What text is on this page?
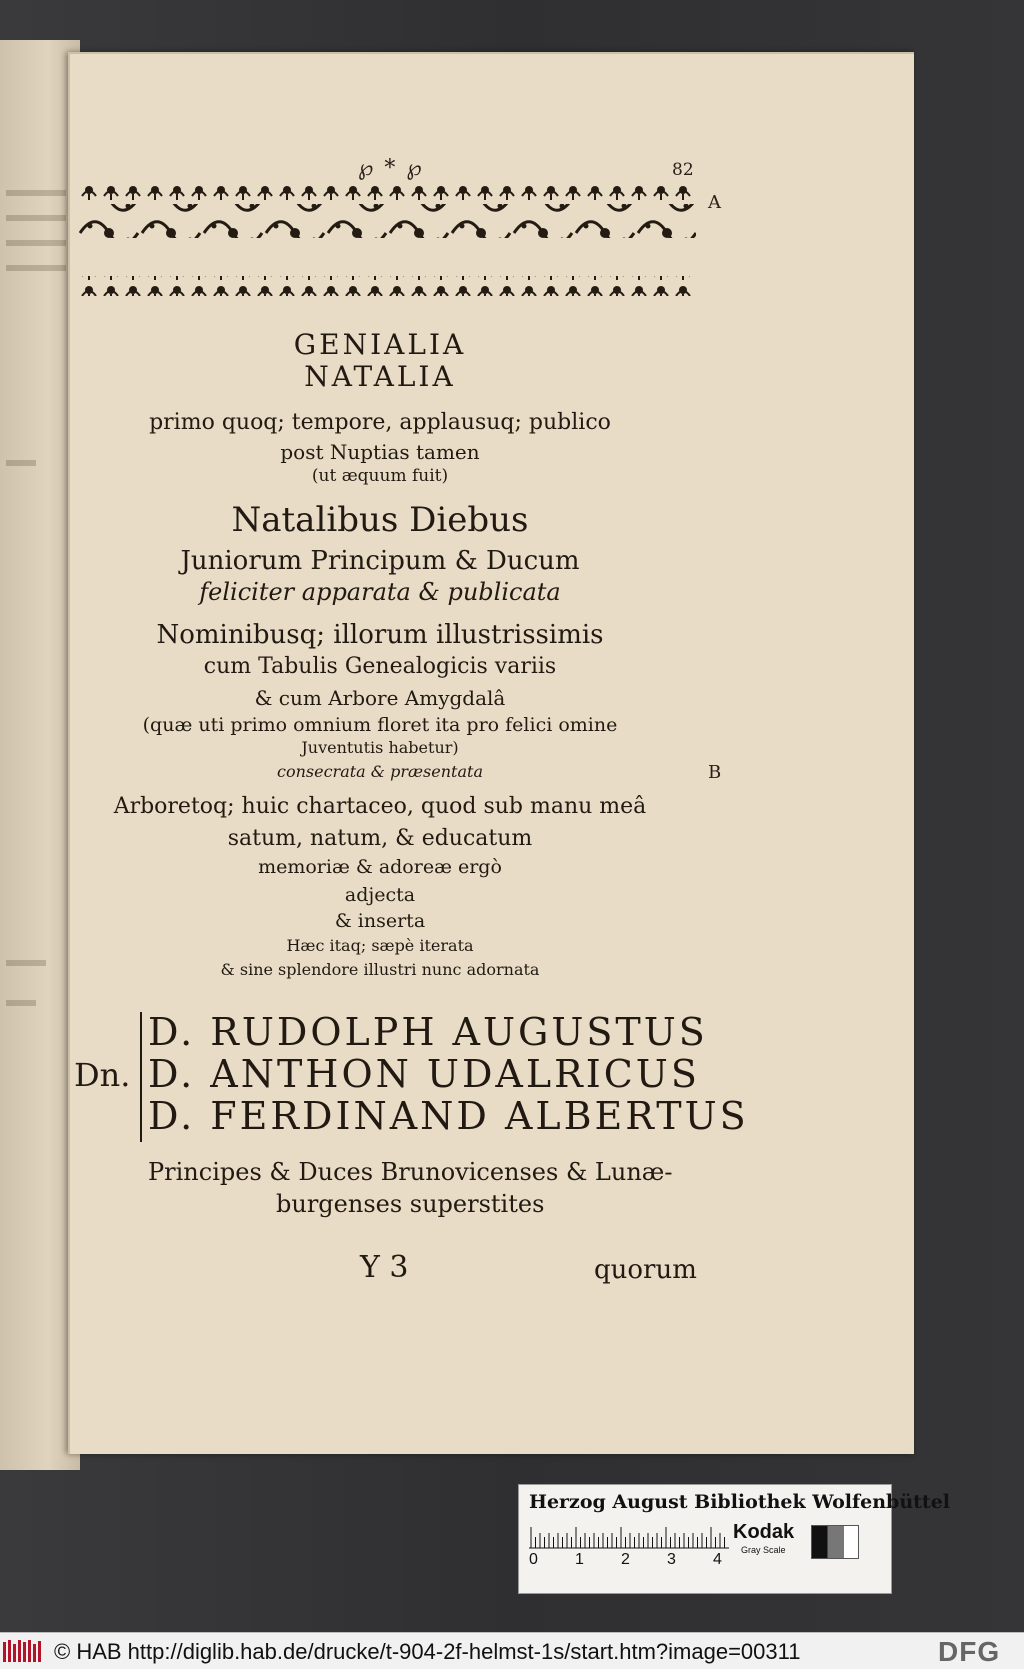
℘ * ℘	82
A
B
GENIALIA
NATALIA
primo quoq; tempore, applausuq; publico
post Nuptias tamen
(ut æquum fuit)
Natalibus Diebus
Juniorum Principum & Ducum
feliciter apparata & publicata
Nominibusq; illorum illustrissimis
cum Tabulis Genealogicis variis
& cum Arbore Amygdalâ
(quæ uti primo omnium floret ita pro felici omine
Juventutis habetur)
consecrata & præsentata
Arboretoq; huic chartaceo, quod sub manu meâ
satum, natum, & educatum
memoriæ & adoreæ ergò
adjecta
& inserta
Hæc itaq; sæpè iterata
& sine splendore illustri nunc adornata
Dn.
D. RUDOLPH AUGUSTUS
D. ANTHON UDALRICUS
D. FERDINAND ALBERTUS
Principes & Duces Brunovicenses & Lunæ-
burgenses superstites
Y 3	quorum
Herzog August Bibliothek Wolfenbüttel
0 1 2 3 4
Kodak
Gray Scale
© HAB http://diglib.hab.de/drucke/t-904-2f-helmst-1s/start.htm?image=00311	DFG
